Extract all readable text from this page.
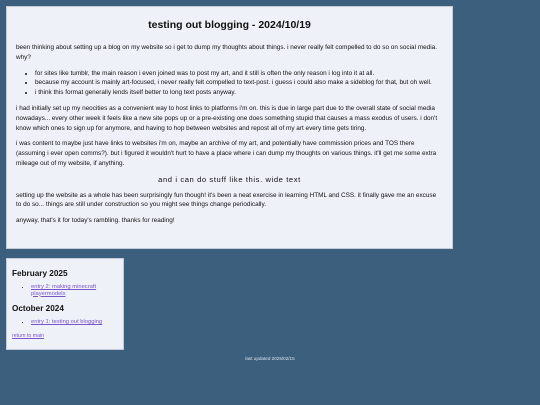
testing out blogging - 2024/10/19

been thinking about setting up a blog on my website so i get to dump my thoughts about things. i never really felt compelled to do so on social media. why?

• for sites like tumblr, the main reason i even joined was to post my art, and it still is often the only reason i log into it at all.
• because my account is mainly art-focused, i never really felt compelled to text-post. i guess i could also make a sideblog for that, but oh well.
• i think this format generally lends itself better to long text posts anyway.

i had initially set up my neocities as a convenient way to host links to platforms i'm on. this is due in large part due to the overall state of social media nowadays... every other week it feels like a new site pops up or a pre-existing one does something stupid that causes a mass exodus of users. i don't know which ones to sign up for anymore, and having to hop between websites and repost all of my art every time gets tiring.

i was content to maybe just have links to websites i'm on, maybe an archive of my art, and potentially have commission prices and TOS there (assuming i ever open comms?). but i figured it wouldn't hurt to have a place where i can dump my thoughts on various things. it'll get me some extra mileage out of my website, if anything.

and i can do stuff like this. wide text

setting up the website as a whole has been surprisingly fun though! it's been a neat exercise in learning HTML and CSS. it finally gave me an excuse to do so... things are still under construction so you might see things change periodically.

anyway, that's it for today's rambling. thanks for reading!

February 2025
• entry 2: making minecraft playermodels
October 2024
• entry 1: testing out blogging
return to main
last updated 2025/02/15
